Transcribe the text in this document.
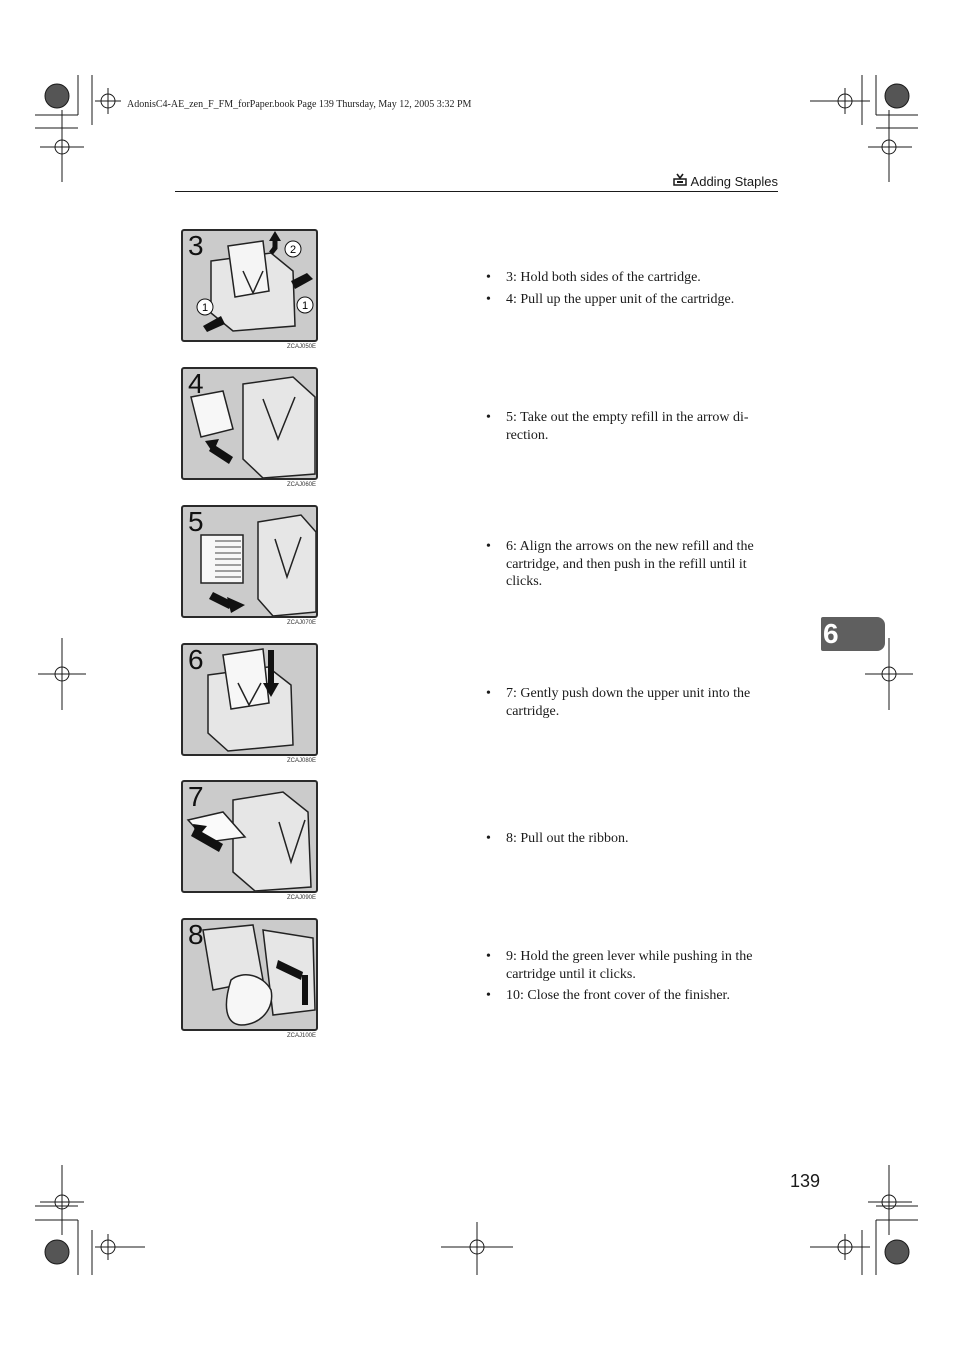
AdonisC4-AE_zen_F_FM_forPaper.book Page 139 Thursday, May 12, 2005 3:32 PM
Adding Staples
6
1	1
2
3
ZCAJ050E
• 3: Hold both sides of the cartridge.
• 4: Pull up the upper unit of the cartridge.
4
ZCAJ060E
• 5: Take out the empty refill in the arrow di-rection.
5
ZCAJ070E
• 6: Align the arrows on the new refill and the cartridge, and then push in the refill until it clicks.
6
ZCAJ080E
• 7: Gently push down the upper unit into the cartridge.
7
ZCAJ090E
• 8: Pull out the ribbon.
8
ZCAJ100E
• 9: Hold the green lever while pushing in the cartridge until it clicks.
• 10: Close the front cover of the finisher.
139
